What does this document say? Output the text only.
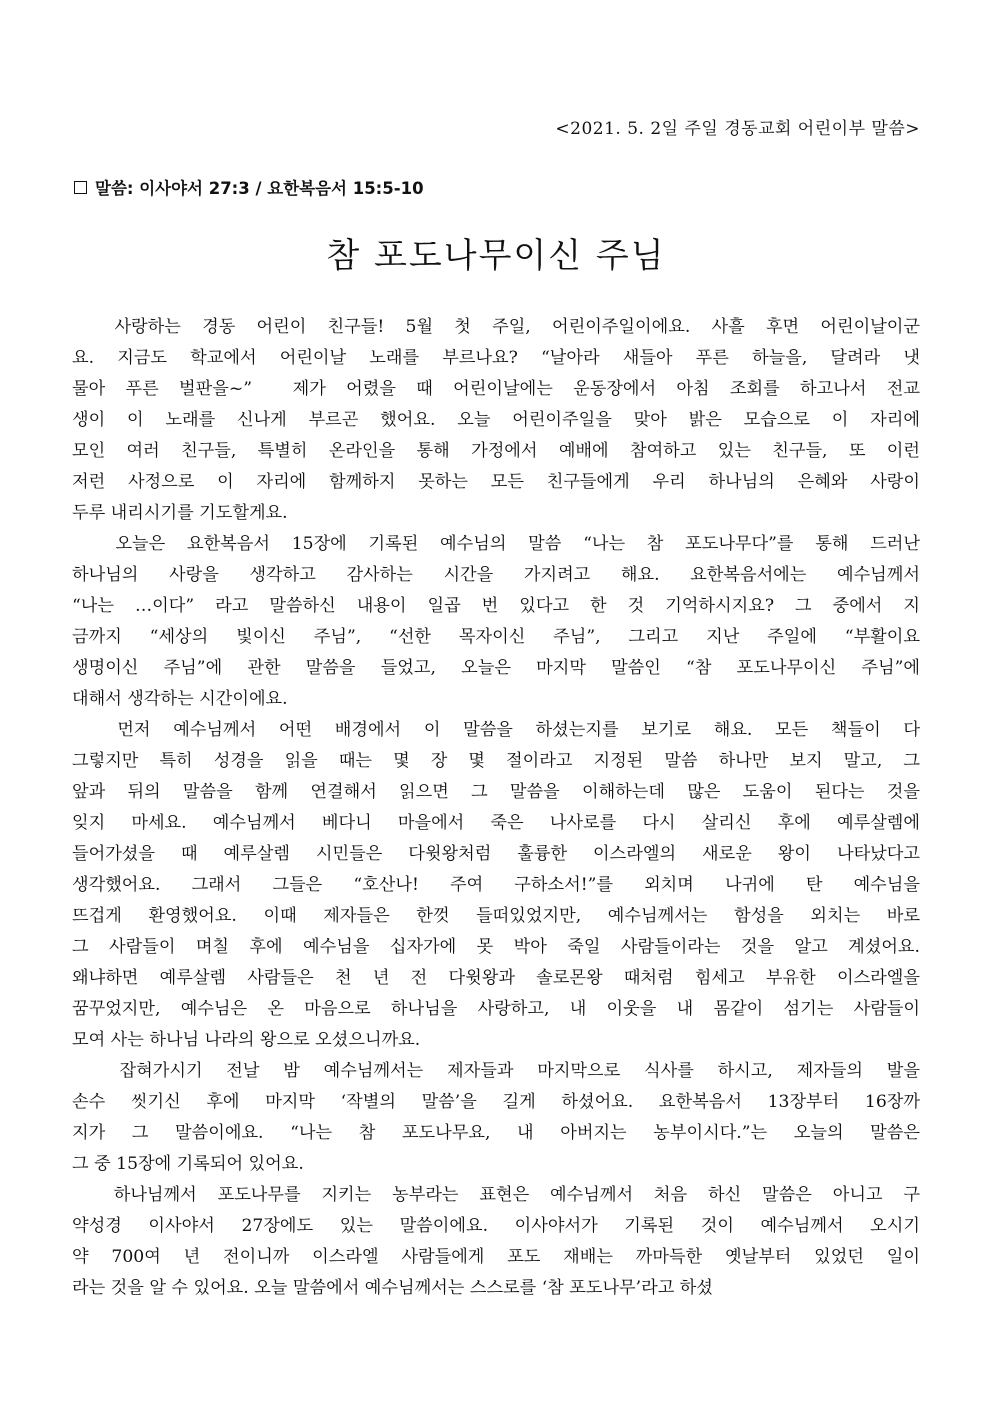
<2021. 5. 2일 주일 경동교회 어린이부 말씀>
말씀: 이사야서 27:3 / 요한복음서 15:5-10
참 포도나무이신 주님
사랑하는 경동 어린이 친구들! 5월 첫 주일, 어린이주일이에요. 사흘 후면 어린이날이군
요. 지금도 학교에서 어린이날 노래를 부르나요? “날아라 새들아 푸른 하늘을, 달려라 냇
물아 푸른 벌판을~”  제가 어렸을 때 어린이날에는 운동장에서 아침 조회를 하고나서 전교
생이 이 노래를 신나게 부르곤 했어요. 오늘 어린이주일을 맞아 밝은 모습으로 이 자리에
모인 여러 친구들, 특별히 온라인을 통해 가정에서 예배에 참여하고 있는 친구들, 또 이런
저런 사정으로 이 자리에 함께하지 못하는 모든 친구들에게 우리 하나님의 은혜와 사랑이
두루 내리시기를 기도할게요.
오늘은 요한복음서 15장에 기록된 예수님의 말씀 “나는 참 포도나무다”를 통해 드러난
하나님의 사랑을 생각하고 감사하는 시간을 가지려고 해요. 요한복음서에는 예수님께서
“나는 …이다” 라고 말씀하신 내용이 일곱 번 있다고 한 것 기억하시지요? 그 중에서 지
금까지 “세상의 빛이신 주님”, “선한 목자이신 주님”, 그리고 지난 주일에 “부활이요
생명이신 주님”에 관한 말씀을 들었고, 오늘은 마지막 말씀인 “참 포도나무이신 주님”에
대해서 생각하는 시간이에요.
먼저 예수님께서 어떤 배경에서 이 말씀을 하셨는지를 보기로 해요. 모든 책들이 다
그렇지만 특히 성경을 읽을 때는 몇 장 몇 절이라고 지정된 말씀 하나만 보지 말고, 그
앞과 뒤의 말씀을 함께 연결해서 읽으면 그 말씀을 이해하는데 많은 도움이 된다는 것을
잊지 마세요. 예수님께서 베다니 마을에서 죽은 나사로를 다시 살리신 후에 예루살렘에
들어가셨을 때 예루살렘 시민들은 다윗왕처럼 훌륭한 이스라엘의 새로운 왕이 나타났다고
생각했어요. 그래서 그들은 “호산나! 주여 구하소서!”를 외치며 나귀에 탄 예수님을
뜨겁게 환영했어요. 이때 제자들은 한껏 들떠있었지만, 예수님께서는 함성을 외치는 바로
그 사람들이 며칠 후에 예수님을 십자가에 못 박아 죽일 사람들이라는 것을 알고 계셨어요.
왜냐하면 예루살렘 사람들은 천 년 전 다윗왕과 솔로몬왕 때처럼 힘세고 부유한 이스라엘을
꿈꾸었지만, 예수님은 온 마음으로 하나님을 사랑하고, 내 이웃을 내 몸같이 섬기는 사람들이
모여 사는 하나님 나라의 왕으로 오셨으니까요.
잡혀가시기 전날 밤 예수님께서는 제자들과 마지막으로 식사를 하시고, 제자들의 발을
손수 씻기신 후에 마지막 ‘작별의 말씀’을 길게 하셨어요. 요한복음서 13장부터 16장까
지가 그 말씀이에요. “나는 참 포도나무요, 내 아버지는 농부이시다.”는 오늘의 말씀은
그 중 15장에 기록되어 있어요.
하나님께서 포도나무를 지키는 농부라는 표현은 예수님께서 처음 하신 말씀은 아니고 구
약성경 이사야서 27장에도 있는 말씀이에요. 이사야서가 기록된 것이 예수님께서 오시기
약 700여 년 전이니까 이스라엘 사람들에게 포도 재배는 까마득한 옛날부터 있었던 일이
라는 것을 알 수 있어요. 오늘 말씀에서 예수님께서는 스스로를 ‘참 포도나무’라고 하셨
